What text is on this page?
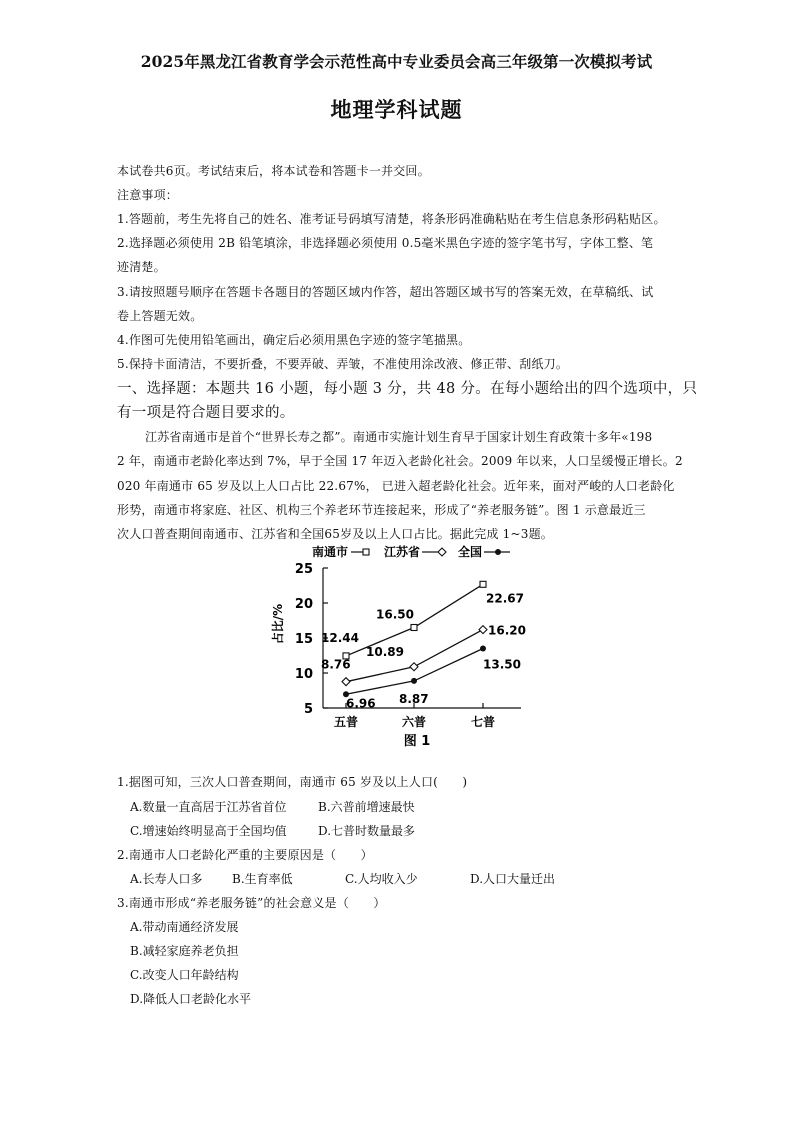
2025年黑龙江省教育学会示范性高中专业委员会高三年级第一次模拟考试
地理学科试题
本试卷共6页。考试结束后，将本试卷和答题卡一并交回。
注意事项：
1.答题前，考生先将自己的姓名、准考证号码填写清楚，将条形码准确粘贴在考生信息条形码粘贴区。
2.选择题必须使用 2B 铅笔填涂，非选择题必须使用 0.5毫米黑色字迹的签字笔书写，字体工整、笔
迹清楚。
3.请按照题号顺序在答题卡各题目的答题区域内作答，超出答题区域书写的答案无效，在草稿纸、试
卷上答题无效。
4.作图可先使用铅笔画出，确定后必须用黑色字迹的签字笔描黑。
5.保持卡面清洁，不要折叠，不要弄破、弄皱，不准使用涂改液、修正带、刮纸刀。
一、选择题：本题共 16 小题，每小题 3 分，共 48 分。在每小题给出的四个选项中，只
有一项是符合题目要求的。
江苏省南通市是首个“世界长寿之都”。南通市实施计划生育早于国家计划生育政策十多年«198
2 年，南通市老龄化率达到 7%，早于全国 17 年迈入老龄化社会。2009 年以来，人口呈缓慢正增长。2
020 年南通市 65 岁及以上人口占比 22.67%， 已进入超老龄化社会。近年来，面对严峻的人口老龄化
形势，南通市将家庭、社区、机构三个养老环节连接起来，形成了“养老服务链”。图 1 示意最近三
次人口普查期间南通市、江苏省和全国65岁及以上人口占比。据此完成 1~3题。
南通市	江苏省	全国
25
20
15
10
5
五普	六普	七普
占比/%	12.44
16.50
22.67
8.76
10.89
16.20
6.96 8.87
13.50
图 1
1.据图可知，三次人口普查期间，南通市 65 岁及以上人口(　　)
A.数量一直高居于江苏省首位	B.六普前增速最快
C.增速始终明显高于全国均值	D.七普时数量最多
2.南通市人口老龄化严重的主要原因是（　　）
A.长寿人口多 B.生育率低	C.人均收入少	D.人口大量迁出
3.南通市形成“养老服务链”的社会意义是（　　）
A.带动南通经济发展
B.减轻家庭养老负担
C.改变人口年龄结构
D.降低人口老龄化水平
